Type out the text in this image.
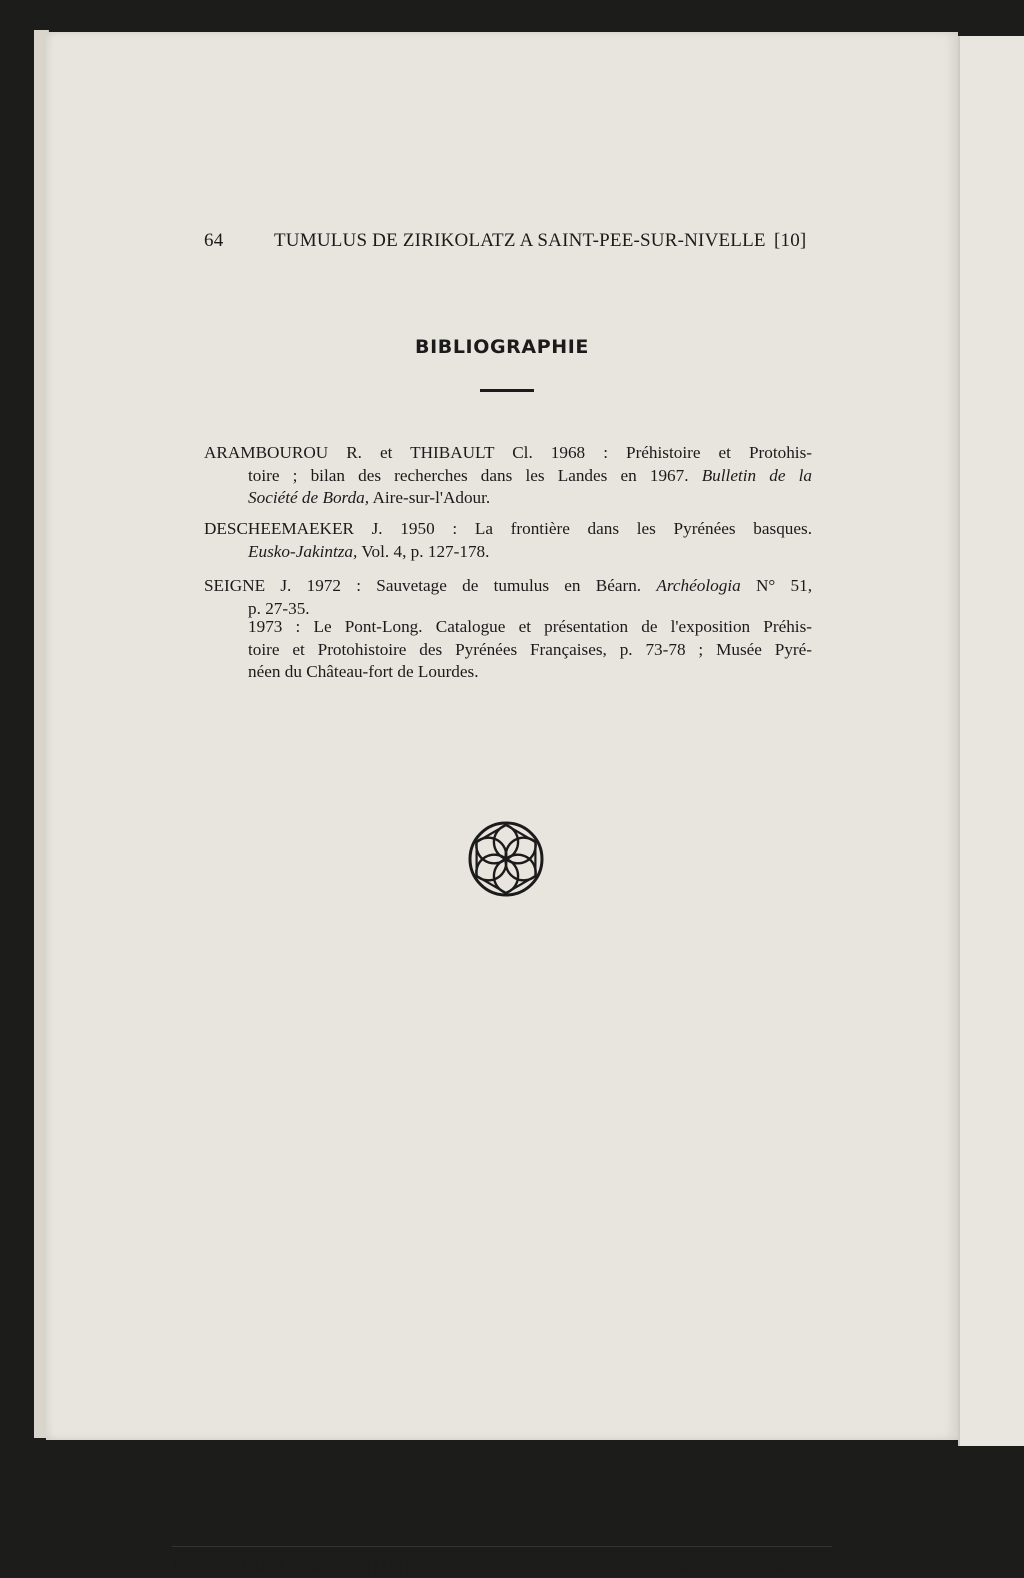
64	TUMULUS DE ZIRIKOLATZ A SAINT-PEE-SUR-NIVELLE [10]
BIBLIOGRAPHIE
ARAMBOUROU R. et THIBAULT Cl. 1968 : Préhistoire et Protohis-
toire ; bilan des recherches dans les Landes en 1967. Bulletin de la
Société de Borda, Aire-sur-l'Adour.
DESCHEEMAEKER J. 1950 : La frontière dans les Pyrénées basques.
Eusko-Jakintza, Vol. 4, p. 127-178.
SEIGNE J. 1972 : Sauvetage de tumulus en Béarn. Archéologia N° 51,
p. 27-35.
1973 : Le Pont-Long. Catalogue et présentation de l'exposition Préhis-
toire et Protohistoire des Pyrénées Françaises, p. 73-78 ; Musée Pyré-
néen du Château-fort de Lourdes.
Le Directeur-Gérant : J. Haritschelhar.	IMP. S. SORDES - BAYONNE
